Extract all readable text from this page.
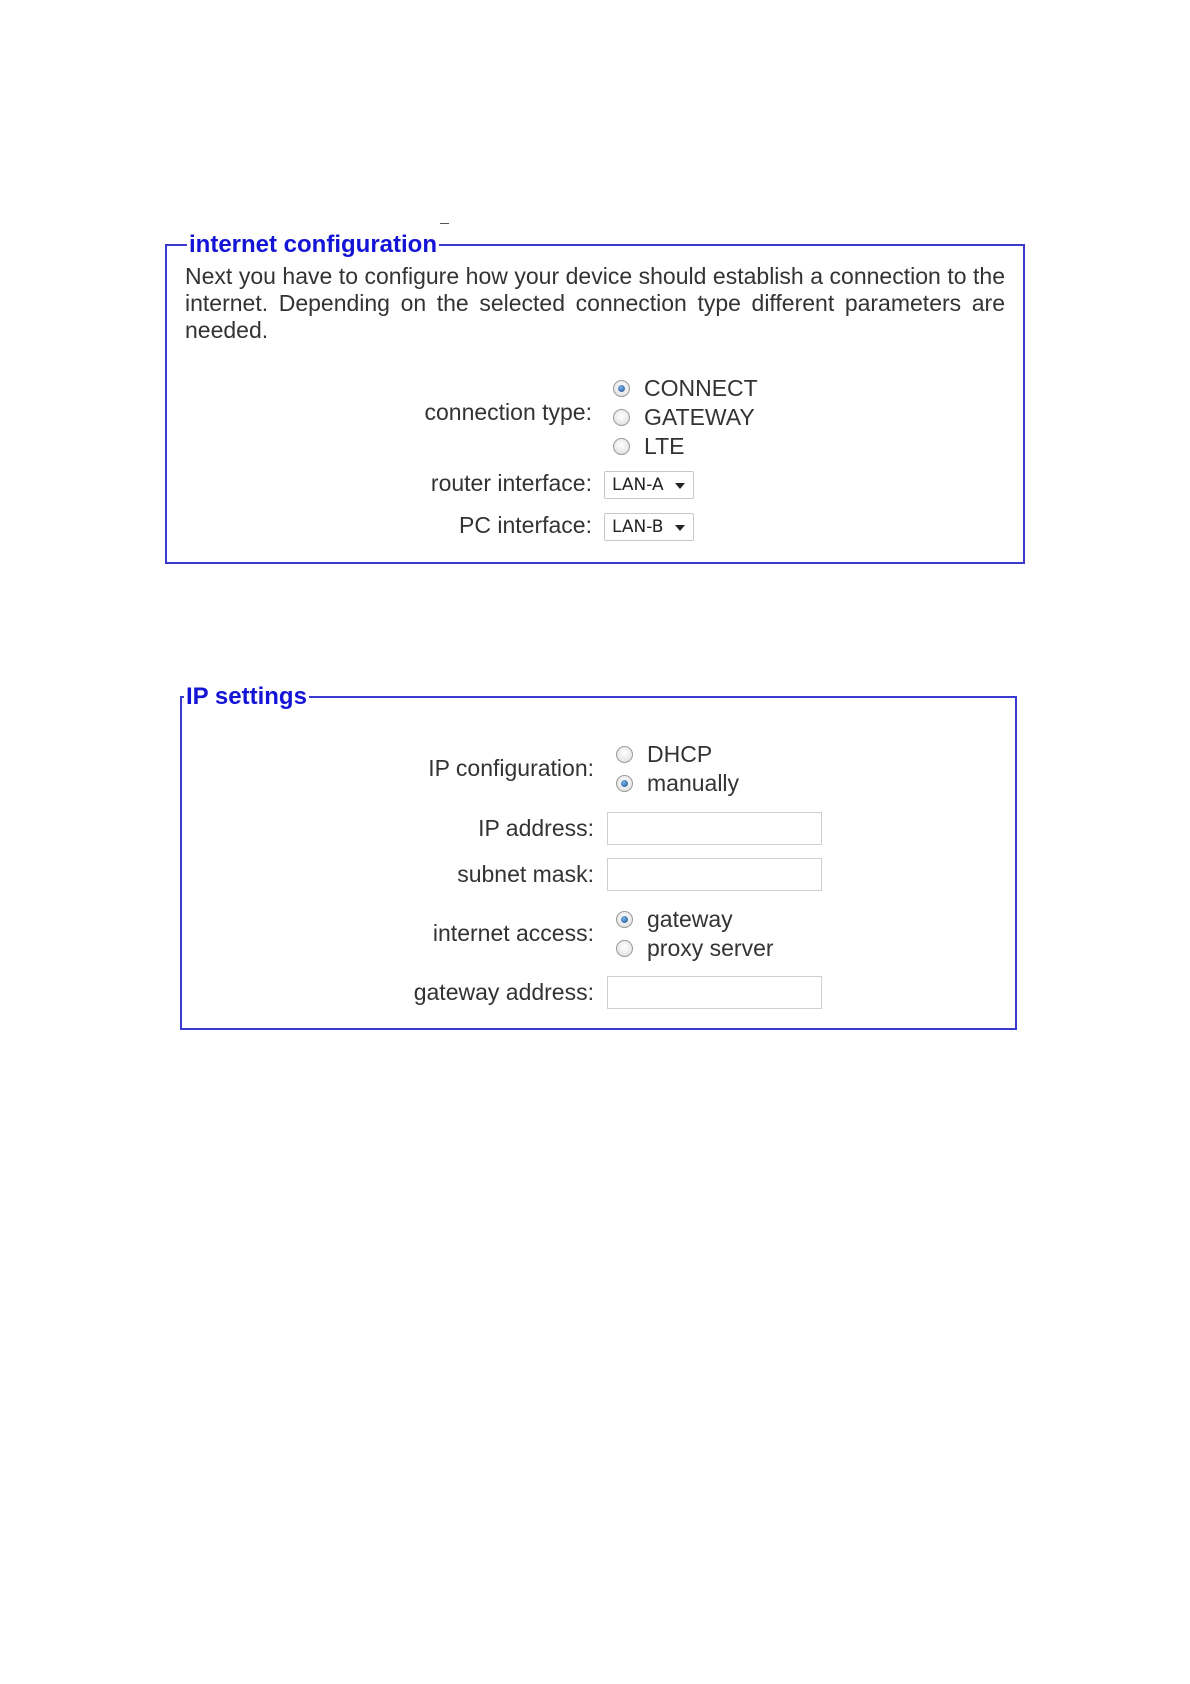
internet configuration

Next you have to configure how your device should establish a connection to the internet. Depending on the selected connection type different parameters are needed.

connection type:
CONNECT
GATEWAY
LTE
router interface: LAN-A
PC interface: LAN-B
IP settings
IP configuration:
DHCP
manually
IP address:
subnet mask:
internet access:
gateway
proxy server
gateway address:
